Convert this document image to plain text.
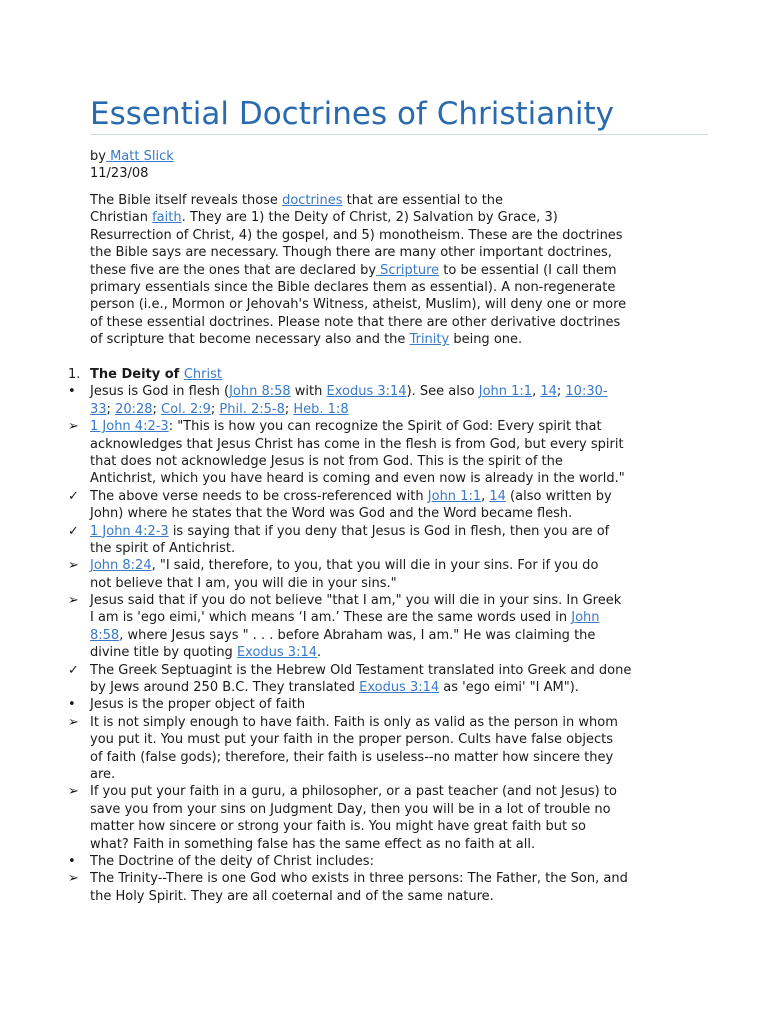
Essential Doctrines of Christianity
by Matt Slick
11/23/08
The Bible itself reveals those doctrines that are essential to the
Christian faith. They are 1) the Deity of Christ, 2) Salvation by Grace, 3)
Resurrection of Christ, 4) the gospel, and 5) monotheism. These are the doctrines
the Bible says are necessary. Though there are many other important doctrines,
these five are the ones that are declared by Scripture to be essential (I call them
primary essentials since the Bible declares them as essential). A non-regenerate
person (i.e., Mormon or Jehovah's Witness, atheist, Muslim), will deny one or more
of these essential doctrines. Please note that there are other derivative doctrines
of scripture that become necessary also and the Trinity being one.
1. The Deity of Christ
•	Jesus is God in flesh (John 8:58 with Exodus 3:14). See also John 1:1, 14; 10:30-
33; 20:28; Col. 2:9; Phil. 2:5-8; Heb. 1:8
➢ 1 John 4:2-3: "This is how you can recognize the Spirit of God: Every spirit that
acknowledges that Jesus Christ has come in the flesh is from God, but every spirit
that does not acknowledge Jesus is not from God. This is the spirit of the
Antichrist, which you have heard is coming and even now is already in the world."
✓ The above verse needs to be cross-referenced with John 1:1, 14 (also written by
John) where he states that the Word was God and the Word became flesh.
✓ 1 John 4:2-3 is saying that if you deny that Jesus is God in flesh, then you are of
the spirit of Antichrist.
➢ John 8:24, "I said, therefore, to you, that you will die in your sins. For if you do
not believe that I am, you will die in your sins."
➢ Jesus said that if you do not believe "that I am," you will die in your sins. In Greek
I am is 'ego eimi,' which means ‘I am.’ These are the same words used in John
8:58, where Jesus says " . . . before Abraham was, I am." He was claiming the
divine title by quoting Exodus 3:14.
✓ The Greek Septuagint is the Hebrew Old Testament translated into Greek and done
by Jews around 250 B.C. They translated Exodus 3:14 as 'ego eimi' "I AM").
•	Jesus is the proper object of faith
➢ It is not simply enough to have faith. Faith is only as valid as the person in whom
you put it. You must put your faith in the proper person. Cults have false objects
of faith (false gods); therefore, their faith is useless--no matter how sincere they
are.
➢ If you put your faith in a guru, a philosopher, or a past teacher (and not Jesus) to
save you from your sins on Judgment Day, then you will be in a lot of trouble no
matter how sincere or strong your faith is. You might have great faith but so
what? Faith in something false has the same effect as no faith at all.
•	The Doctrine of the deity of Christ includes:
➢ The Trinity--There is one God who exists in three persons: The Father, the Son, and
the Holy Spirit. They are all coeternal and of the same nature.
